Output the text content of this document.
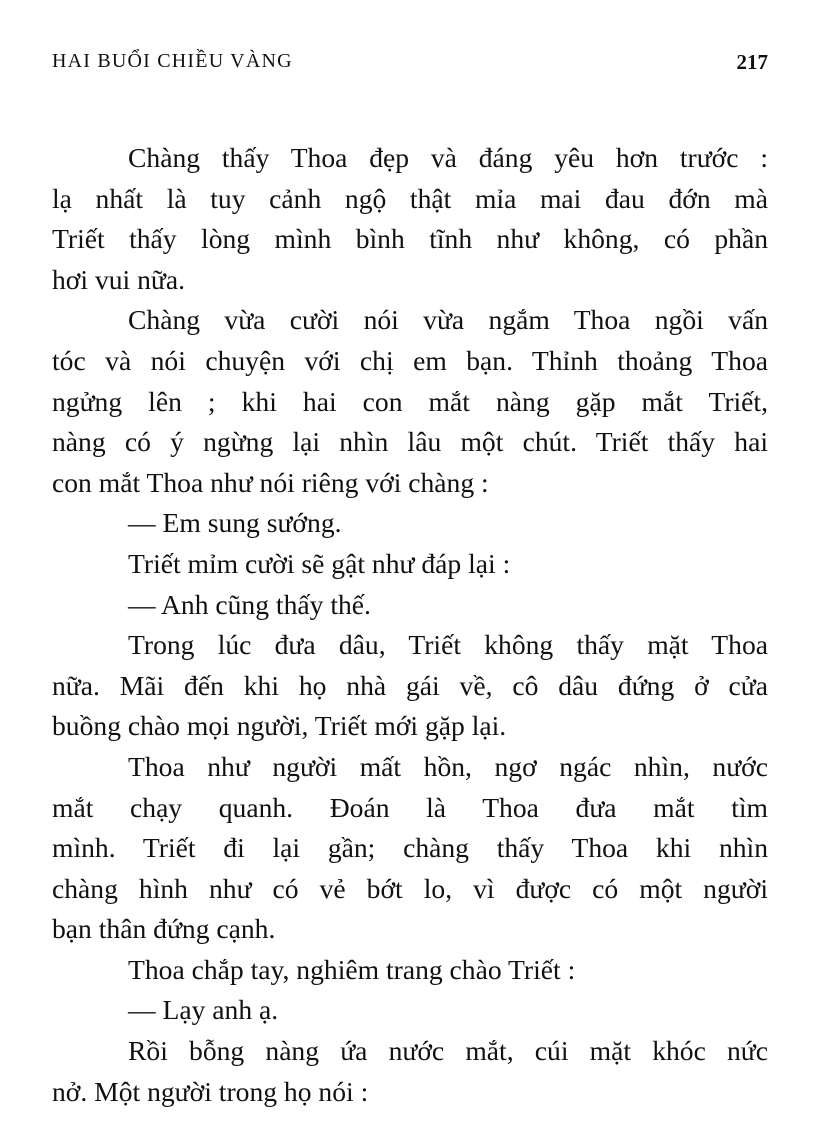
HAI BUỔI CHIỀU VÀNG	217
Chàng thấy Thoa đẹp và đáng yêu hơn trước :
lạ nhất là tuy cảnh ngộ thật mỉa mai đau đớn mà
Triết thấy lòng mình bình tĩnh như không, có phần
hơi vui nữa.
Chàng vừa cười nói vừa ngắm Thoa ngồi vấn
tóc và nói chuyện với chị em bạn. Thỉnh thoảng Thoa
ngửng lên ; khi hai con mắt nàng gặp mắt Triết,
nàng có ý ngừng lại nhìn lâu một chút. Triết thấy hai
con mắt Thoa như nói riêng với chàng :
— Em sung sướng.
Triết mỉm cười sẽ gật như đáp lại :
— Anh cũng thấy thế.
Trong lúc đưa dâu, Triết không thấy mặt Thoa
nữa. Mãi đến khi họ nhà gái về, cô dâu đứng ở cửa
buồng chào mọi người, Triết mới gặp lại.
Thoa như người mất hồn, ngơ ngác nhìn, nước
mắt chạy quanh. Đoán là Thoa đưa mắt tìm
mình. Triết đi lại gần; chàng thấy Thoa khi nhìn
chàng hình như có vẻ bớt lo, vì được có một người
bạn thân đứng cạnh.
Thoa chắp tay, nghiêm trang chào Triết :
— Lạy anh ạ.
Rồi bỗng nàng ứa nước mắt, cúi mặt khóc nức
nở. Một người trong họ nói :
